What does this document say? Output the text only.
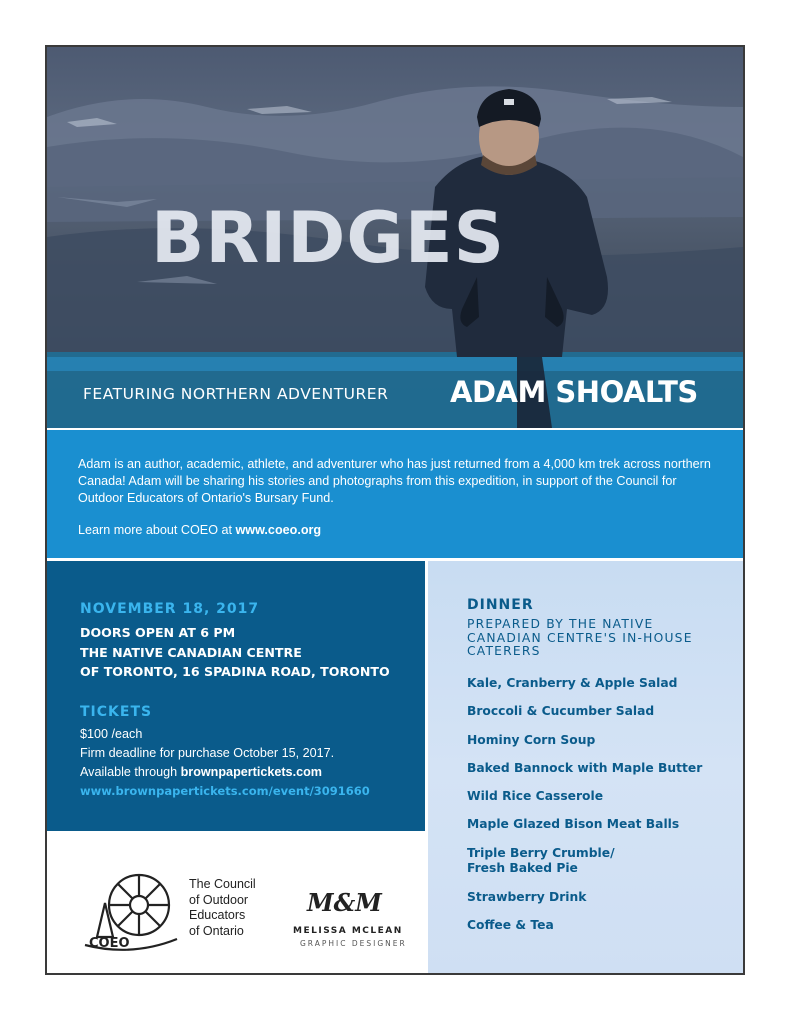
BRIDGES
FEATURING NORTHERN ADVENTURER ADAM SHOALTS

Adam is an author, academic, athlete, and adventurer who has just returned from a 4,000 km trek across northern Canada! Adam will be sharing his stories and photographs from this expedition, in support of the Council for Outdoor Educators of Ontario's Bursary Fund.

Learn more about COEO at www.coeo.org

NOVEMBER 18, 2017
DOORS OPEN AT 6 PM
THE NATIVE CANADIAN CENTRE
OF TORONTO, 16 SPADINA ROAD, TORONTO
TICKETS
$100 /each
Firm deadline for purchase October 15, 2017.
Available through brownpapertickets.com
www.brownpapertickets.com/event/3091660
COEO
The Council
of Outdoor
Educators
of Ontario
M&M
MELISSA MCLEAN
GRAPHIC DESIGNER
DINNER
PREPARED BY THE NATIVE CANADIAN CENTRE'S IN-HOUSE CATERERS
Kale, Cranberry & Apple Salad
Broccoli & Cucumber Salad
Hominy Corn Soup
Baked Bannock with Maple Butter
Wild Rice Casserole
Maple Glazed Bison Meat Balls
Triple Berry Crumble/
Fresh Baked Pie
Strawberry Drink
Coffee & Tea
